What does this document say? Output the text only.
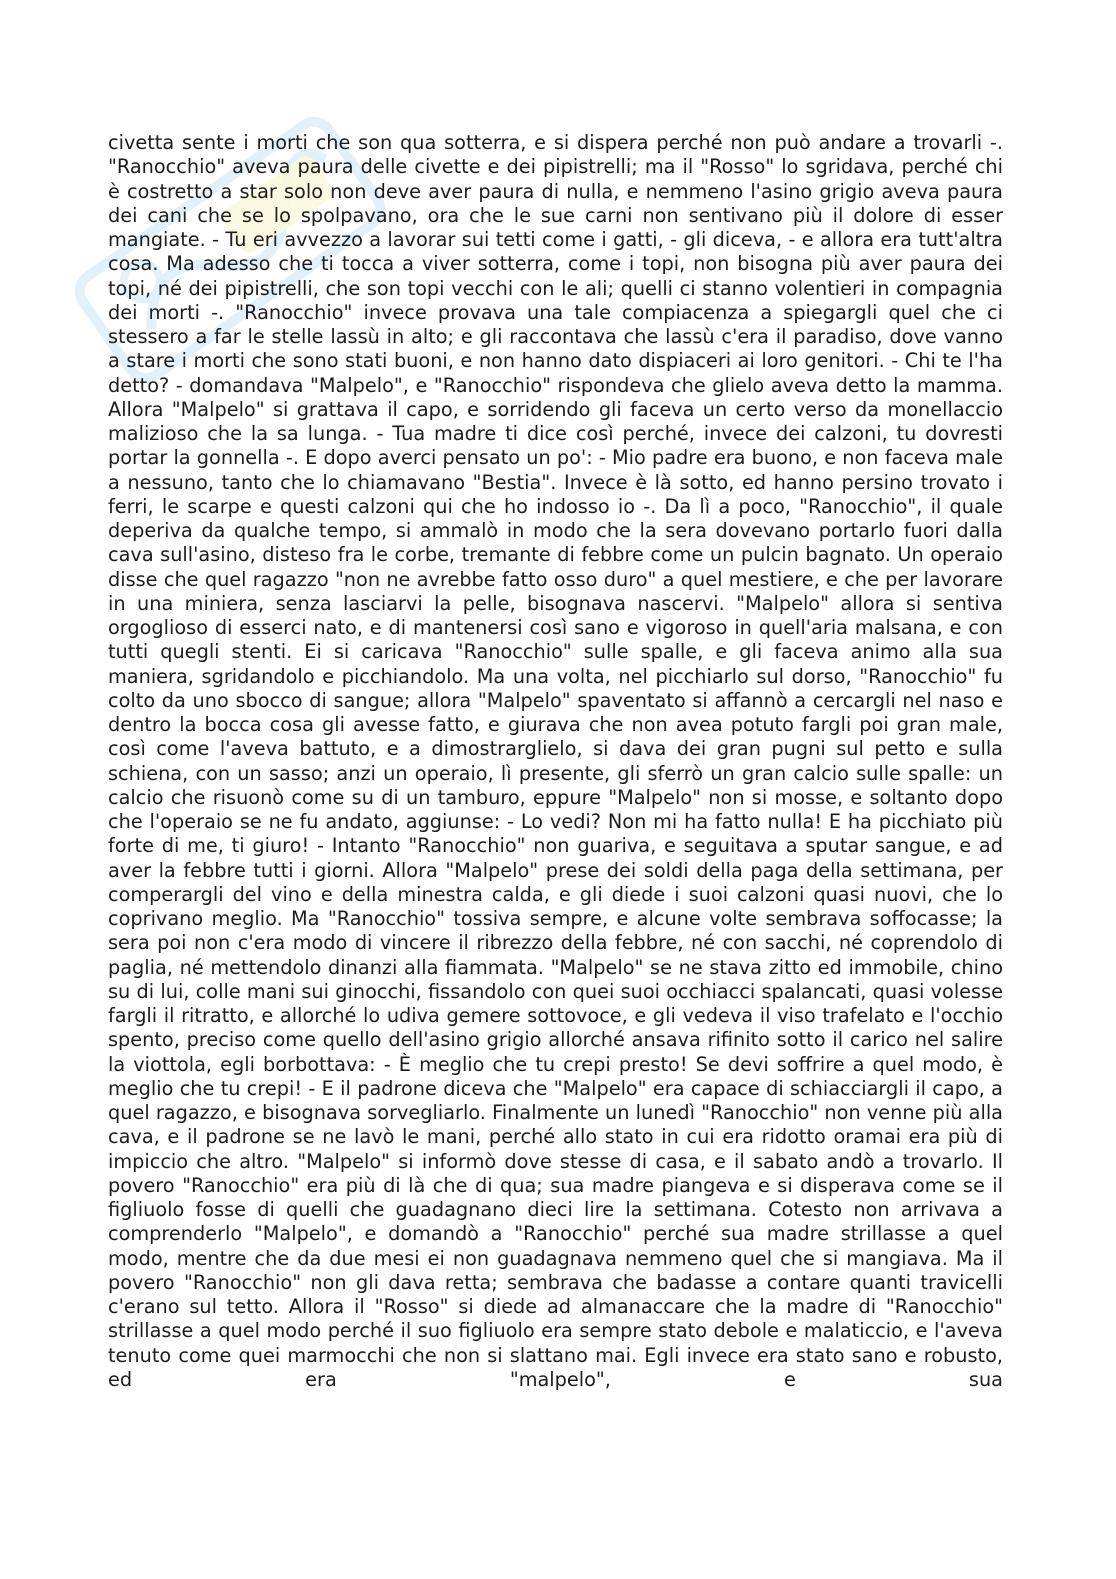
civetta sente i morti che son qua sotterra, e si dispera perché non può andare a trovarli -. "Ranocchio" aveva paura delle civette e dei pipistrelli; ma il "Rosso" lo sgridava, perché chi è costretto a star solo non deve aver paura di nulla, e nemmeno l'asino grigio aveva paura dei cani che se lo spolpavano, ora che le sue carni non sentivano più il dolore di esser mangiate. - Tu eri avvezzo a lavorar sui tetti come i gatti, - gli diceva, - e allora era tutt'altra cosa. Ma adesso che ti tocca a viver sotterra, come i topi, non bisogna più aver paura dei topi, né dei pipistrelli, che son topi vecchi con le ali; quelli ci stanno volentieri in compagnia dei morti -. "Ranocchio" invece provava una tale compiacenza a spiegargli quel che ci stessero a far le stelle lassù in alto; e gli raccontava che lassù c'era il paradiso, dove vanno a stare i morti che sono stati buoni, e non hanno dato dispiaceri ai loro genitori. - Chi te l'ha detto? - domandava "Malpelo", e "Ranocchio" rispondeva che glielo aveva detto la mamma. Allora "Malpelo" si grattava il capo, e sorridendo gli faceva un certo verso da monellaccio malizioso che la sa lunga. - Tua madre ti dice così perché, invece dei calzoni, tu dovresti portar la gonnella -. E dopo averci pensato un po': - Mio padre era buono, e non faceva male a nessuno, tanto che lo chiamavano "Bestia". Invece è là sotto, ed hanno persino trovato i ferri, le scarpe e questi calzoni qui che ho indosso io -. Da lì a poco, "Ranocchio", il quale deperiva da qualche tempo, si ammalò in modo che la sera dovevano portarlo fuori dalla cava sull'asino, disteso fra le corbe, tremante di febbre come un pulcin bagnato. Un operaio disse che quel ragazzo "non ne avrebbe fatto osso duro" a quel mestiere, e che per lavorare in una miniera, senza lasciarvi la pelle, bisognava nascervi. "Malpelo" allora si sentiva orgoglioso di esserci nato, e di mantenersi così sano e vigoroso in quell'aria malsana, e con tutti quegli stenti. Ei si caricava "Ranocchio" sulle spalle, e gli faceva animo alla sua maniera, sgridandolo e picchiandolo. Ma una volta, nel picchiarlo sul dorso, "Ranocchio" fu colto da uno sbocco di sangue; allora "Malpelo" spaventato si affannò a cercargli nel naso e dentro la bocca cosa gli avesse fatto, e giurava che non avea potuto fargli poi gran male, così come l'aveva battuto, e a dimostrarglielo, si dava dei gran pugni sul petto e sulla schiena, con un sasso; anzi un operaio, lì presente, gli sferrò un gran calcio sulle spalle: un calcio che risuonò come su di un tamburo, eppure "Malpelo" non si mosse, e soltanto dopo che l'operaio se ne fu andato, aggiunse: - Lo vedi? Non mi ha fatto nulla! E ha picchiato più forte di me, ti giuro! - Intanto "Ranocchio" non guariva, e seguitava a sputar sangue, e ad aver la febbre tutti i giorni. Allora "Malpelo" prese dei soldi della paga della settimana, per comperargli del vino e della minestra calda, e gli diede i suoi calzoni quasi nuovi, che lo coprivano meglio. Ma "Ranocchio" tossiva sempre, e alcune volte sembrava soffocasse; la sera poi non c'era modo di vincere il ribrezzo della febbre, né con sacchi, né coprendolo di paglia, né mettendolo dinanzi alla fiammata. "Malpelo" se ne stava zitto ed immobile, chino su di lui, colle mani sui ginocchi, fissandolo con quei suoi occhiacci spalancati, quasi volesse fargli il ritratto, e allorché lo udiva gemere sottovoce, e gli vedeva il viso trafelato e l'occhio spento, preciso come quello dell'asino grigio allorché ansava rifinito sotto il carico nel salire la viottola, egli borbottava: - È meglio che tu crepi presto! Se devi soffrire a quel modo, è meglio che tu crepi! - E il padrone diceva che "Malpelo" era capace di schiacciargli il capo, a quel ragazzo, e bisognava sorvegliarlo. Finalmente un lunedì "Ranocchio" non venne più alla cava, e il padrone se ne lavò le mani, perché allo stato in cui era ridotto oramai era più di impiccio che altro. "Malpelo" si informò dove stesse di casa, e il sabato andò a trovarlo. Il povero "Ranocchio" era più di là che di qua; sua madre piangeva e si disperava come se il figliuolo fosse di quelli che guadagnano dieci lire la settimana. Cotesto non arrivava a comprenderlo "Malpelo", e domandò a "Ranocchio" perché sua madre strillasse a quel modo, mentre che da due mesi ei non guadagnava nemmeno quel che si mangiava. Ma il povero "Ranocchio" non gli dava retta; sembrava che badasse a contare quanti travicelli c'erano sul tetto. Allora il "Rosso" si diede ad almanaccare che la madre di "Ranocchio" strillasse a quel modo perché il suo figliuolo era sempre stato debole e malaticcio, e l'aveva tenuto come quei marmocchi che non si slattano mai. Egli invece era stato sano e robusto, ed era "malpelo", e sua
